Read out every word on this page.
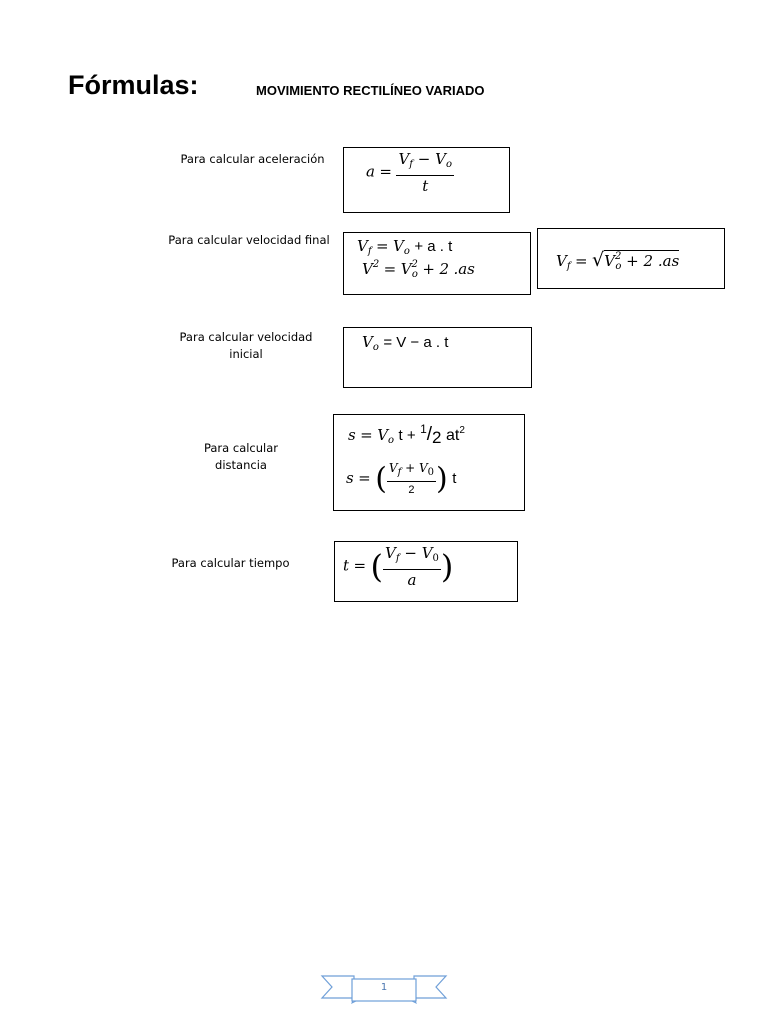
Fórmulas:	MOVIMIENTO RECTILÍNEO VARIADO
Para calcular aceleración
$a = \frac{V_f - V_o}{t}$
Para calcular velocidad final	$V_f = V_o + a$ . t
$V^2 = V^2_o + 2$ .as	$V_f = √V^2_o + 2$ .as
Para calcular velocidad
inicial
$V_o = V - a$ . t
Para calcular
distancia
$s = V_o$ t + $^1$/2 $at^2$
s = ( $\frac{V_f + V_0}{2}$ ) t
Para calcular tiempo	t = ( $\frac{V_f - V_0}{a}$ )
1
